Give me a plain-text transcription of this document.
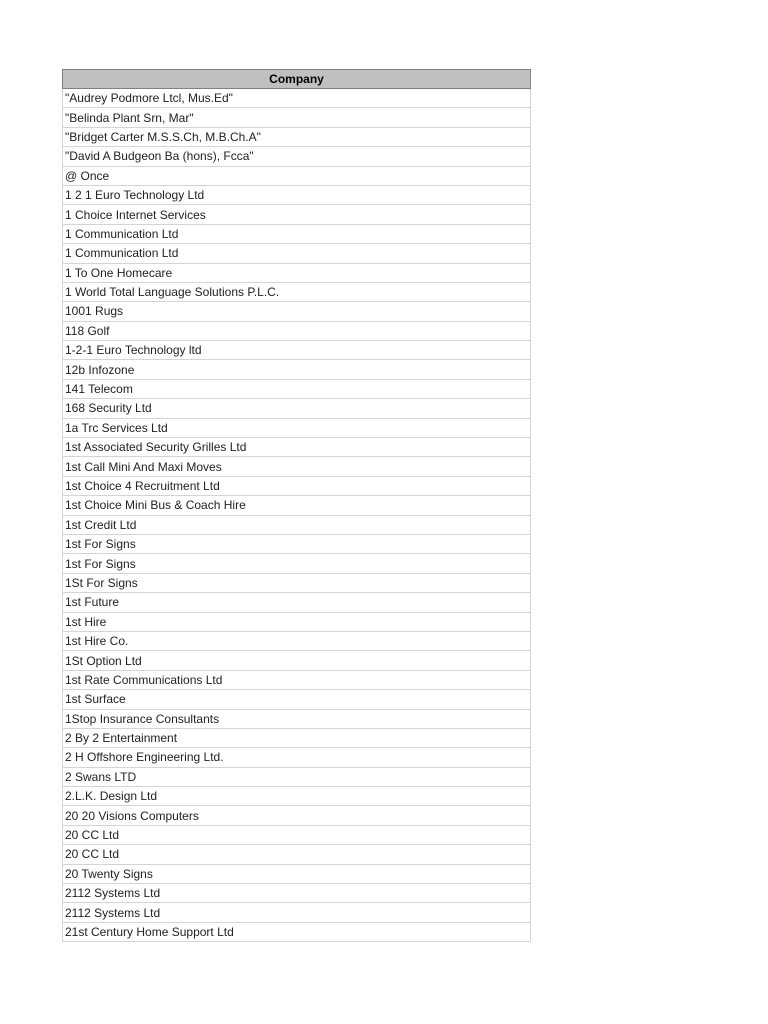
Company
"Audrey Podmore Ltcl, Mus.Ed"
"Belinda Plant Srn, Mar"
"Bridget Carter M.S.S.Ch, M.B.Ch.A"
"David A Budgeon Ba (hons), Fcca"
@ Once
1 2 1 Euro Technology Ltd
1 Choice Internet Services
1 Communication Ltd
1 Communication Ltd
1 To One Homecare
1 World Total Language Solutions P.L.C.
1001 Rugs
118 Golf
1-2-1 Euro Technology ltd
12b Infozone
141 Telecom
168 Security Ltd
1a Trc Services Ltd
1st Associated Security Grilles Ltd
1st Call Mini And Maxi Moves
1st Choice 4 Recruitment Ltd
1st Choice Mini Bus & Coach Hire
1st Credit Ltd
1st For Signs
1st For Signs
1St For Signs
1st Future
1st Hire
1st Hire Co.
1St Option Ltd
1st Rate Communications Ltd
1st Surface
1Stop Insurance Consultants
2 By 2 Entertainment
2 H Offshore Engineering Ltd.
2 Swans LTD
2.L.K. Design Ltd
20 20 Visions Computers
20 CC Ltd
20 CC Ltd
20 Twenty Signs
2112 Systems Ltd
2112 Systems Ltd
21st Century Home Support Ltd
